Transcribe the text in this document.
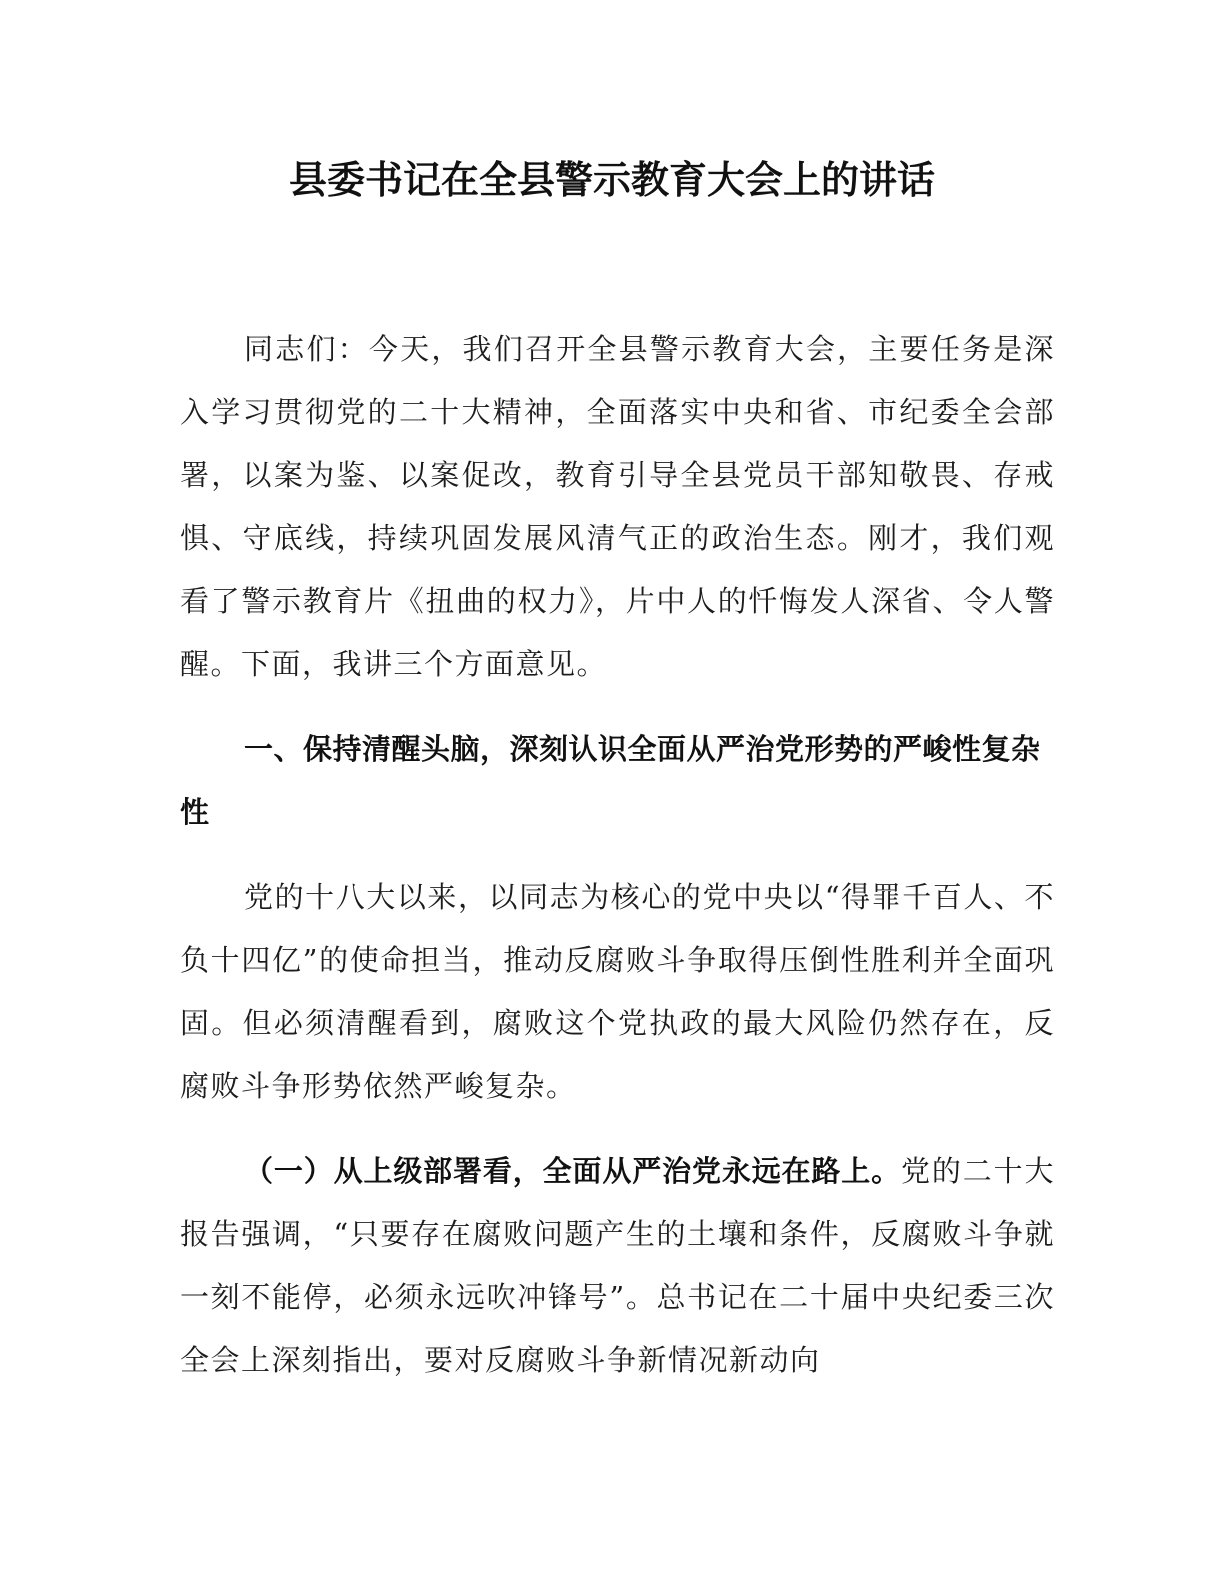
县委书记在全县警示教育大会上的讲话

同志们：今天，我们召开全县警示教育大会，主要任务是深入学习贯彻党的二十大精神，全面落实中央和省、市纪委全会部署，以案为鉴、以案促改，教育引导全县党员干部知敬畏、存戒惧、守底线，持续巩固发展风清气正的政治生态。刚才，我们观看了警示教育片《扭曲的权力》，片中人的忏悔发人深省、令人警醒。下面，我讲三个方面意见。

一、保持清醒头脑，深刻认识全面从严治党形势的严峻性复杂性

党的十八大以来，以同志为核心的党中央以“得罪千百人、不负十四亿”的使命担当，推动反腐败斗争取得压倒性胜利并全面巩固。但必须清醒看到，腐败这个党执政的最大风险仍然存在，反腐败斗争形势依然严峻复杂。

（一）从上级部署看，全面从严治党永远在路上。党的二十大报告强调，“只要存在腐败问题产生的土壤和条件，反腐败斗争就一刻不能停，必须永远吹冲锋号”。总书记在二十届中央纪委三次全会上深刻指出，要对反腐败斗争新情况新动向
